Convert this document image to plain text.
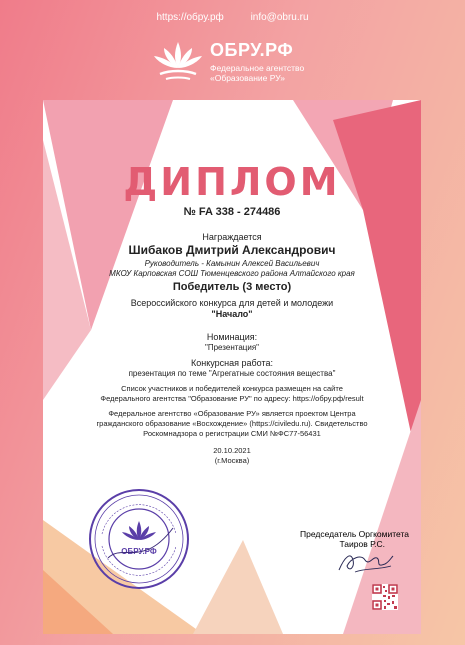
https://обру.рф	info@obru.ru
ОБРУ.РФ
Федеральное агентство
«Образование РУ»
ДИПЛОМ
№ FA 338 - 274486
Награждается
Шибаков Дмитрий Александрович
Руководитель - Камынин Алексей Васильевич
МКОУ Карповская СОШ Тюменцевского района Алтайского края
Победитель (3 место)
Всероссийского конкурса для детей и молодежи
"Начало"
Номинация:
"Презентация"
Конкурсная работа:
презентация по теме "Агрегатные состояния вещества"
Список участников и победителей конкурса размещен на сайте
Федерального агентства "Образование РУ" по адресу: https://обру.рф/result
Федеральное агентство «Образование РУ» является проектом Центра
гражданского образование «Восхождение» (https://civiledu.ru). Свидетельство
Роскомнадзора о регистрации СМИ №ФС77-56431
20.10.2021
(г.Москва)
ОБРУ.РФ
Председатель Оргкомитета
Таиров Р.С.
